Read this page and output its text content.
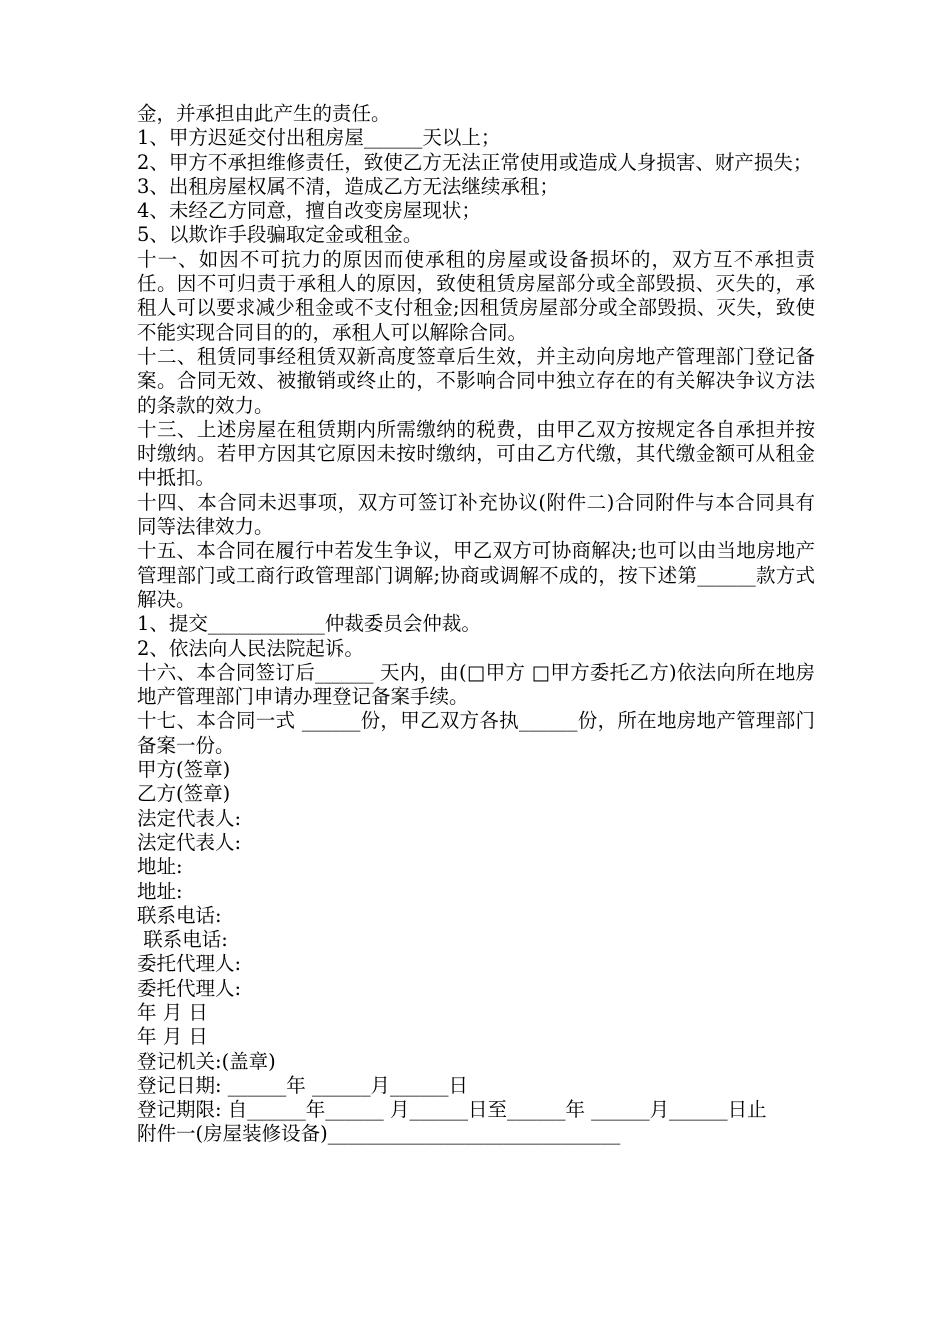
金，并承担由此产生的责任。

1、甲方迟延交付出租房屋______天以上；

2、甲方不承担维修责任，致使乙方无法正常使用或造成人身损害、财产损失；

3、出租房屋权属不清，造成乙方无法继续承租；

4、未经乙方同意，擅自改变房屋现状；

5、以欺诈手段骗取定金或租金。

十一、如因不可抗力的原因而使承租的房屋或设备损坏的，双方互不承担责任。因不可归责于承租人的原因，致使租赁房屋部分或全部毁损、灭失的，承租人可以要求减少租金或不支付租金;因租赁房屋部分或全部毁损、灭失，致使不能实现合同目的的，承租人可以解除合同。

十二、租赁同事经租赁双新高度签章后生效，并主动向房地产管理部门登记备案。合同无效、被撤销或终止的，不影响合同中独立存在的有关解决争议方法的条款的效力。

十三、上述房屋在租赁期内所需缴纳的税费，由甲乙双方按规定各自承担并按时缴纳。若甲方因其它原因未按时缴纳，可由乙方代缴，其代缴金额可从租金中抵扣。

十四、本合同未迟事项，双方可签订补充协议(附件二)合同附件与本合同具有同等法律效力。

十五、本合同在履行中若发生争议，甲乙双方可协商解决;也可以由当地房地产管理部门或工商行政管理部门调解;协商或调解不成的，按下述第______款方式解决。

1、提交____________仲裁委员会仲裁。

2、依法向人民法院起诉。

十六、本合同签订后______ 天内，由(□甲方 □甲方委托乙方)依法向所在地房地产管理部门申请办理登记备案手续。

十七、本合同一式 ______份，甲乙双方各执______份，所在地房地产管理部门备案一份。

甲方(签章)

乙方(签章)

法定代表人:

法定代表人:

地址:

地址:

联系电话:

联系电话:

委托代理人:

委托代理人:

年 月 日

年 月 日

登记机关:(盖章)

登记日期: ______年 ______月______日

登记期限: 自______年______ 月______日至______年 ______月______日止

附件一(房屋装修设备)______________________________
